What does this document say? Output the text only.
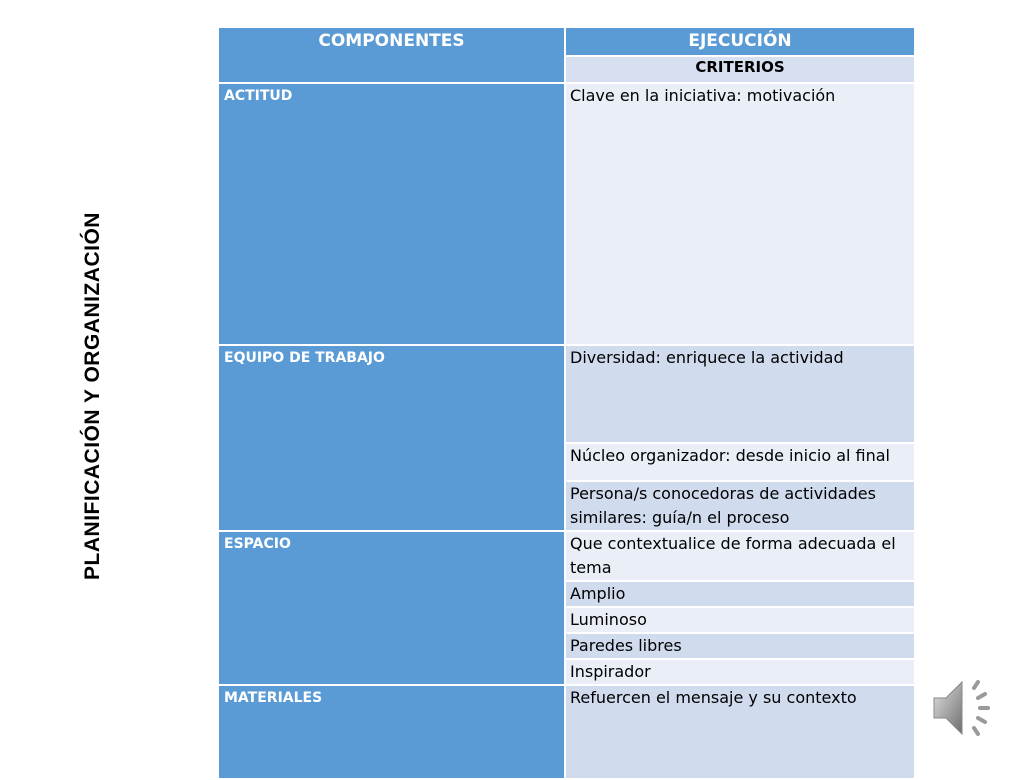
PLANIFICACIÓN Y ORGANIZACIÓN
COMPONENTES	EJECUCIÓN
	CRITERIOS
ACTITUD	Clave en la iniciativa: motivación
EQUIPO DE TRABAJO	Diversidad: enriquece la actividad
	Núcleo organizador: desde inicio al final
	Persona/s conocedoras de actividades similares: guía/n el proceso
ESPACIO	Que contextualice de forma adecuada el tema
	Amplio
	Luminoso
	Paredes libres
	Inspirador
MATERIALES	Refuercen el mensaje y su contexto
